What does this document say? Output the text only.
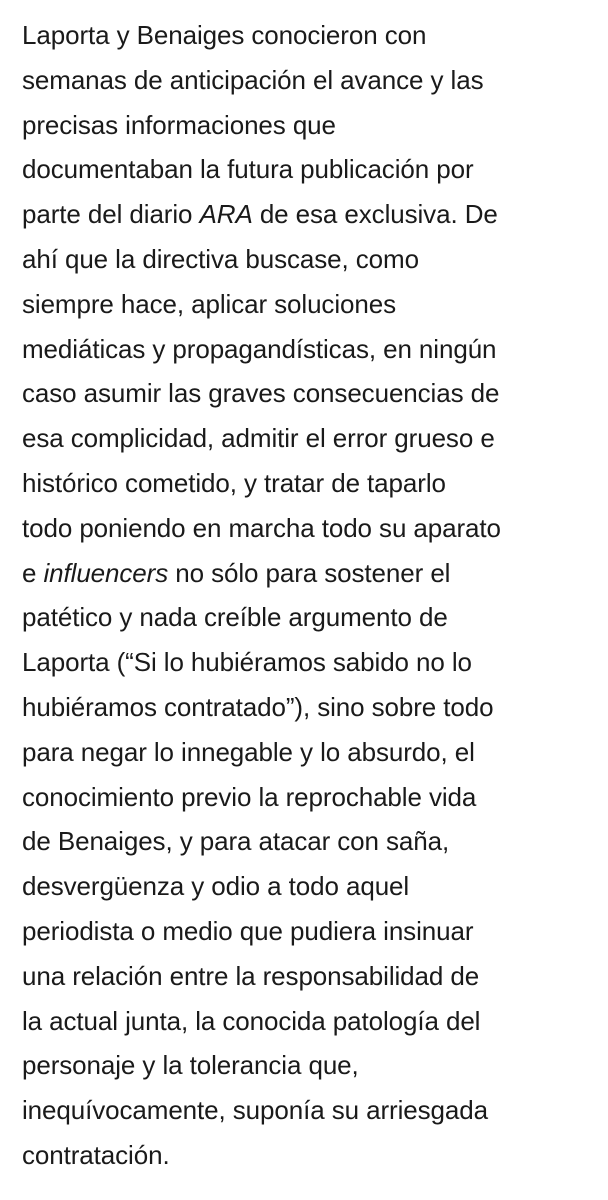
Laporta y Benaiges conocieron con
semanas de anticipación el avance y las
precisas informaciones que
documentaban la futura publicación por
parte del diario ARA de esa exclusiva. De
ahí que la directiva buscase, como
siempre hace, aplicar soluciones
mediáticas y propagandísticas, en ningún
caso asumir las graves consecuencias de
esa complicidad, admitir el error grueso e
histórico cometido, y tratar de taparlo
todo poniendo en marcha todo su aparato
e influencers no sólo para sostener el
patético y nada creíble argumento de
Laporta (“Si lo hubiéramos sabido no lo
hubiéramos contratado”), sino sobre todo
para negar lo innegable y lo absurdo, el
conocimiento previo la reprochable vida
de Benaiges, y para atacar con saña,
desvergüenza y odio a todo aquel
periodista o medio que pudiera insinuar
una relación entre la responsabilidad de
la actual junta, la conocida patología del
personaje y la tolerancia que,
inequívocamente, suponía su arriesgada
contratación.
